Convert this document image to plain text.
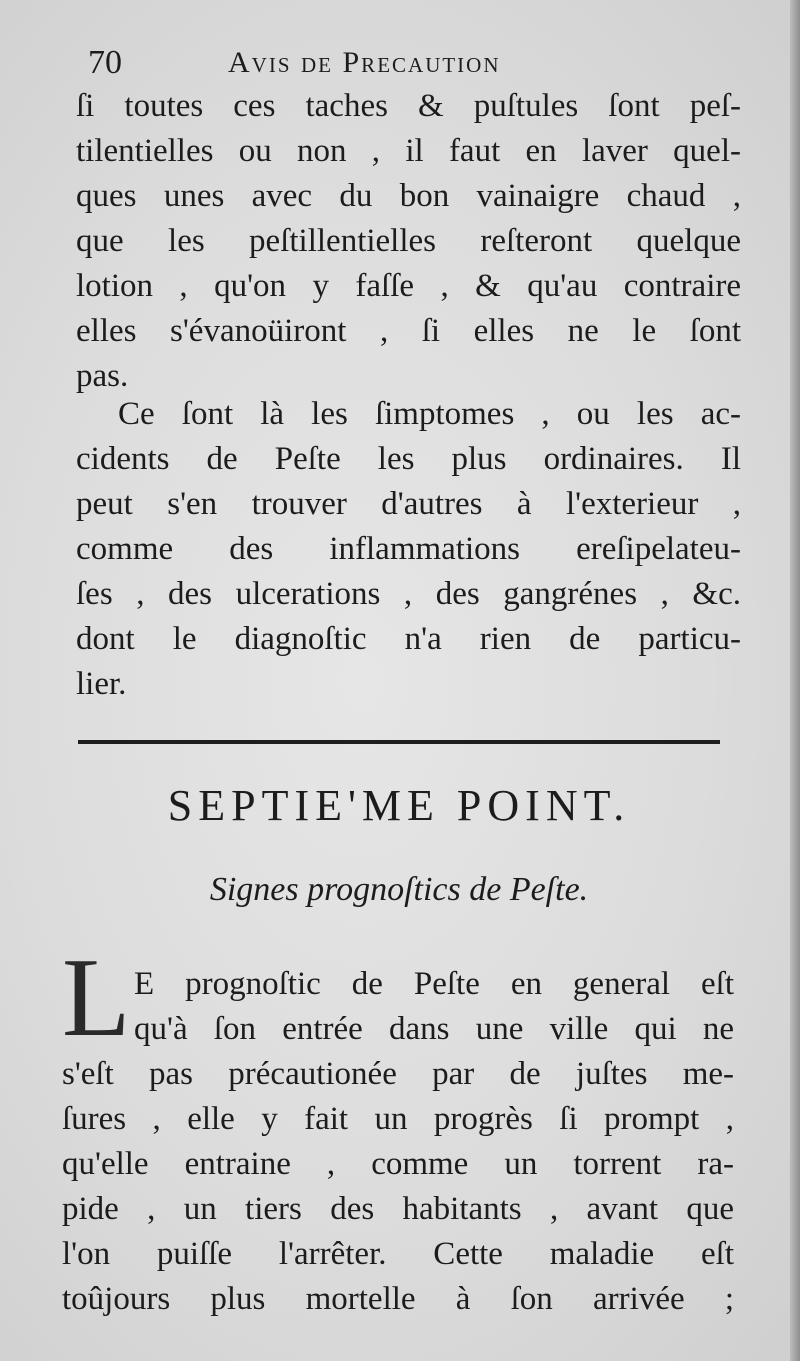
70	Avis de Precaution
ſi toutes ces taches & puſtules ſont peſ-
tilentielles ou non , il faut en laver quel-
ques unes avec du bon vainaigre chaud ,
que les peſtillentielles reſteront quelque
lotion , qu'on y faſſe , & qu'au contraire
elles s'évanoüiront , ſi elles ne le ſont
pas.
Ce ſont là les ſimptomes , ou les ac-
cidents de Peſte les plus ordinaires. Il
peut s'en trouver d'autres à l'exterieur ,
comme des inflammations ereſipelateu-
ſes , des ulcerations , des gangrénes , &c.
dont le diagnoſtic n'a rien de particu-
lier.
SEPTIE'ME POINT.
Signes prognoſtics de Peſte.
L E prognoſtic de Peſte en general eſt
qu'à ſon entrée dans une ville qui ne
s'eſt pas précautionée par de juſtes me-
ſures , elle y fait un progrès ſi prompt ,
qu'elle entraine , comme un torrent ra-
pide , un tiers des habitants , avant que
l'on puiſſe l'arrêter. Cette maladie eſt
toûjours plus mortelle à ſon arrivée ;
